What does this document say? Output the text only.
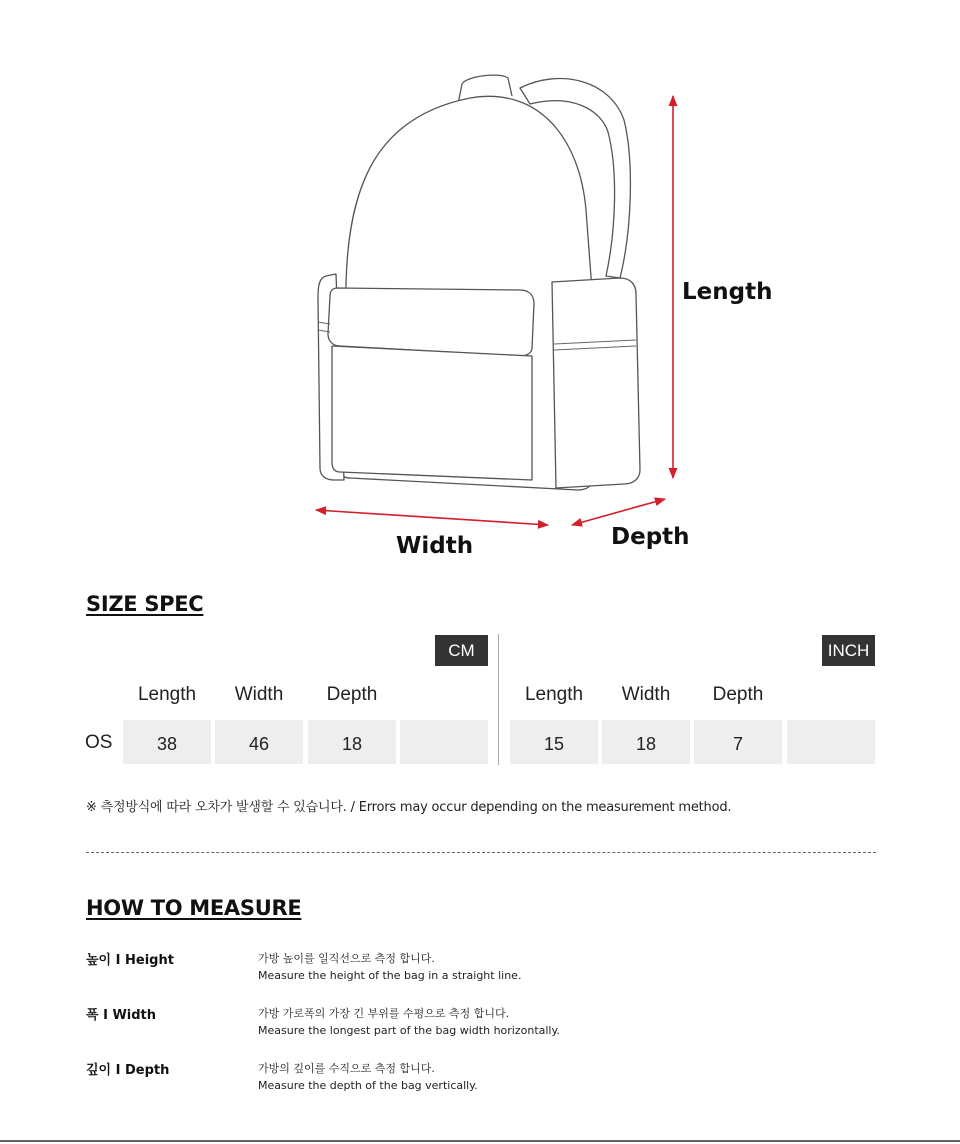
Length
Width	Depth
SIZE SPEC
CM	INCH
Length	Width	Depth	Length	Width	Depth
OS	38	46	18	15	18	7
※ 측정방식에 따라 오차가 발생할 수 있습니다. / Errors may occur depending on the measurement method.
HOW TO MEASURE
높이 I Height	가방 높이를 일직선으로 측정 합니다.
Measure the height of the bag in a straight line.
폭 I Width	가방 가로폭의 가장 긴 부위를 수평으로 측정 합니다.
Measure the longest part of the bag width horizontally.
깊이 I Depth	가방의 깊이를 수직으로 측정 합니다.
Measure the depth of the bag vertically.
